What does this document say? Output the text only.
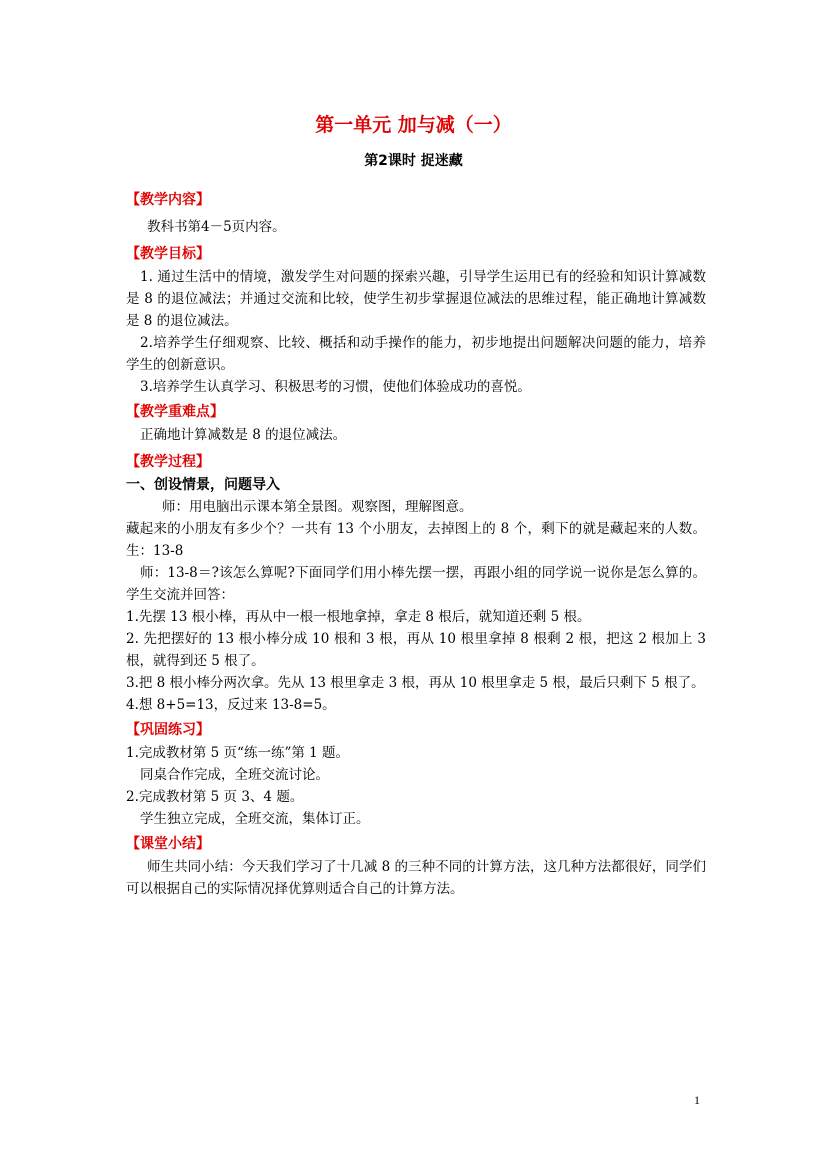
第一单元 加与减（一）
第2课时 捉迷藏
【教学内容】

教科书第4－5页内容。

【教学目标】

1. 通过生活中的情境，激发学生对问题的探索兴趣，引导学生运用已有的经验和知识计算减数是 8 的退位减法；并通过交流和比较，使学生初步掌握退位减法的思维过程，能正确地计算减数是 8 的退位减法。

2.培养学生仔细观察、比较、概括和动手操作的能力，初步地提出问题解决问题的能力，培养学生的创新意识。

3.培养学生认真学习、积极思考的习惯，使他们体验成功的喜悦。

【教学重难点】

正确地计算减数是 8 的退位减法。

【教学过程】

一、创设情景，问题导入

师：用电脑出示课本第全景图。观察图，理解图意。

藏起来的小朋友有多少个？一共有 13 个小朋友，去掉图上的 8 个，剩下的就是藏起来的人数。生：13-8

师：13-8＝?该怎么算呢?下面同学们用小棒先摆一摆，再跟小组的同学说一说你是怎么算的。学生交流并回答：

1.先摆 13 根小棒，再从中一根一根地拿掉，拿走 8 根后，就知道还剩 5 根。

2. 先把摆好的 13 根小棒分成 10 根和 3 根，再从 10 根里拿掉 8 根剩 2 根，把这 2 根加上 3 根，就得到还 5 根了。

3.把 8 根小棒分两次拿。先从 13 根里拿走 3 根，再从 10 根里拿走 5 根，最后只剩下 5 根了。

4.想 8+5=13，反过来 13-8=5。

【巩固练习】

1.完成教材第 5 页“练一练”第 1 题。

同桌合作完成，全班交流讨论。

2.完成教材第 5 页 3、4 题。

学生独立完成，全班交流，集体订正。

【课堂小结】

师生共同小结：今天我们学习了十几减 8 的三种不同的计算方法，这几种方法都很好，同学们可以根据自己的实际情况择优算则适合自己的计算方法。

1
